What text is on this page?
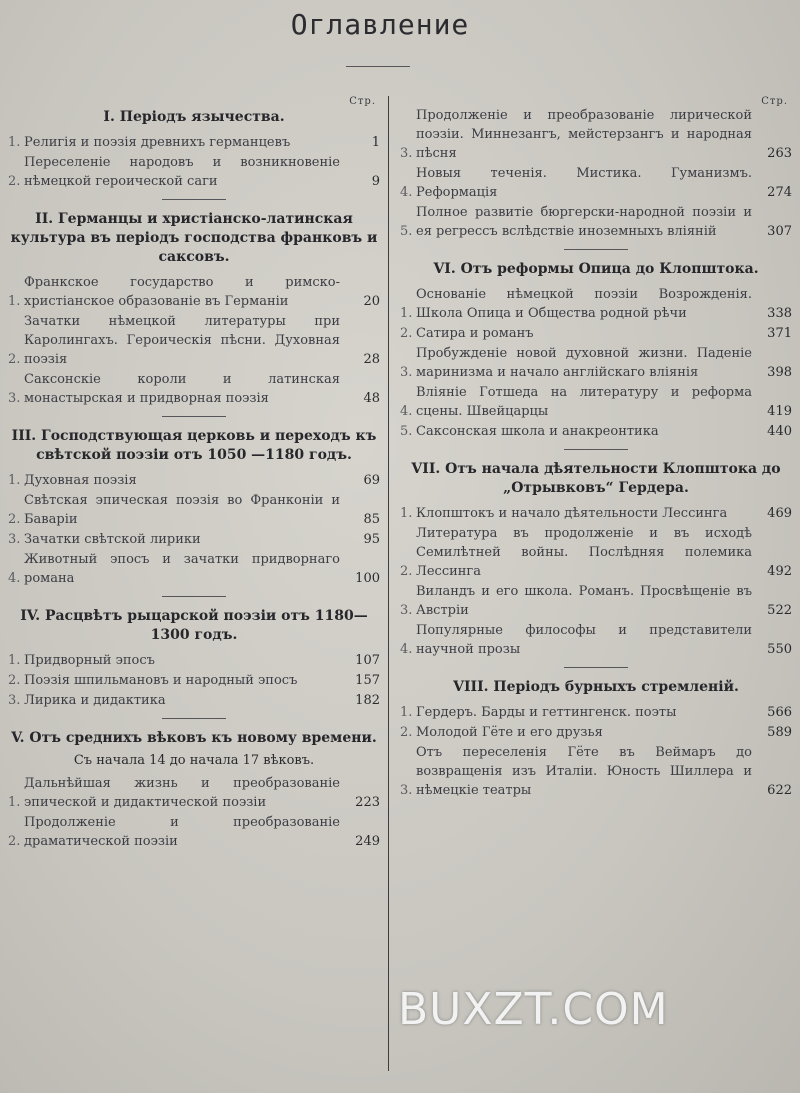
Оглавление
Стр.
I. Періодъ язычества.
1. Религія и поэзія древнихъ германцевъ	1
2.
Переселеніе народовъ и возникновеніе нѣмецкой героической саги	9
II. Германцы и христіанско-латинская культура въ періодъ господства франковъ и саксовъ.
1.
Франкское государство и римско-христіанское образованіе въ Германіи	20
2.
Зачатки нѣмецкой литературы при Каролингахъ. Героическія пѣсни. Духовная поэзія	28
3.
Саксонскіе короли и латинская монастырская и придворная поэзія	48
III. Господствующая церковь и переходъ къ свѣтской поэзіи отъ 1050 —1180 годъ.
1. Духовная поэзія	69
2.
Свѣтская эпическая поэзія во Франконіи и Баваріи	85
3. Зачатки свѣтской лирики	95
4.
Животный эпосъ и зачатки придворнаго романа	100
IV. Расцвѣтъ рыцарской поэзіи отъ 1180—1300 годъ.
1. Придворный эпосъ	107
2. Поэзія шпильмановъ и народный эпосъ	157
3. Лирика и дидактика	182
V. Отъ среднихъ вѣковъ къ новому времени.
Съ начала 14 до начала 17 вѣковъ.
1.
Дальнѣйшая жизнь и преобразованіе эпической и дидактической поэзіи	223
2.
Продолженіе и преобразованіе драматической поэзіи	249
Стр.
3.
Продолженіе и преобразованіе лирической поэзіи. Миннезангъ, мейстерзангъ и народная пѣсня	263
4.
Новыя теченія. Мистика. Гуманизмъ. Реформація	274
5.
Полное развитіе бюргерски-народной поэзіи и ея регрессъ вслѣдствіе иноземныхъ вліяній	307
VI. Отъ реформы Опица до Клопштока.
1.
Основаніе нѣмецкой поэзіи Возрожденія. Школа Опица и Общества родной рѣчи	338
2. Сатира и романъ	371
3.
Пробужденіе новой духовной жизни. Паденіе маринизма и начало англійскаго вліянія	398
4.
Вліяніе Готшеда на литературу и реформа сцены. Швейцарцы	419
5. Саксонская школа и анакреонтика	440
VII. Отъ начала дѣятельности Клопштока до „Отрывковъ“ Гердера.
1. Клопштокъ и начало дѣятельности Лессинга	469
2.
Литература въ продолженіе и въ исходѣ Семилѣтней войны. Послѣдняя полемика Лессинга	492
3.
Виландъ и его школа. Романъ. Просвѣщеніе въ Австріи	522
4.
Популярные философы и представители научной прозы	550
VIII. Періодъ бурныхъ стремленій.
1. Гердеръ. Барды и геттингенск. поэты	566
2. Молодой Гёте и его друзья	589
3.
Отъ переселенія Гёте въ Веймаръ до возвращенія изъ Италіи. Юность Шиллера и нѣмецкіе театры	622
BUXZT.COM
